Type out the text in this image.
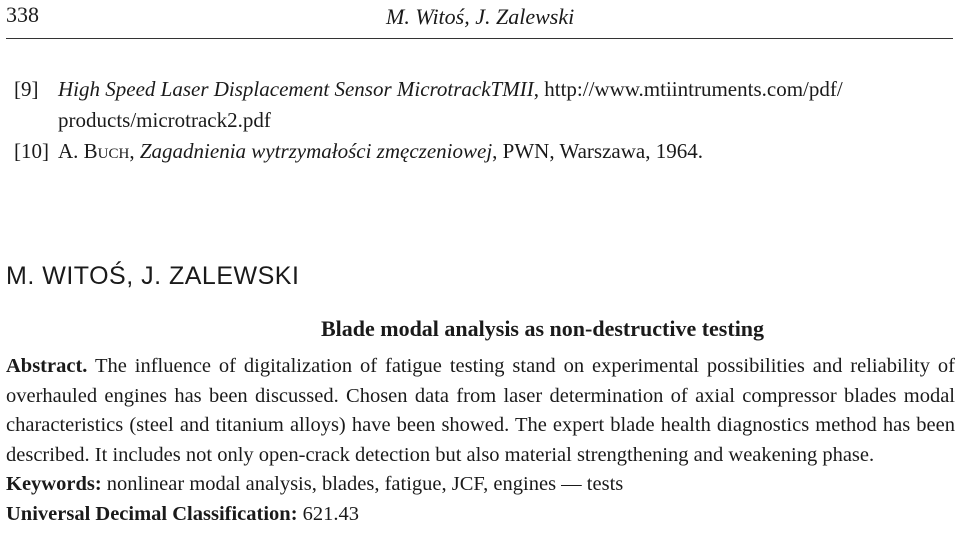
338	M. Witoś, J. Zalewski
[9] High Speed Laser Displacement Sensor MicrotrackTMII, http://www.mtiintruments.com/pdf/ products/microtrack2.pdf
[10] A. Buch, Zagadnienia wytrzymałości zmęczeniowej, PWN, Warszawa, 1964.
M. WITOŚ, J. ZALEWSKI
Blade modal analysis as non-destructive testing

Abstract. The influence of digitalization of fatigue testing stand on experimental possibilities and reliability of overhauled engines has been discussed. Chosen data from laser determination of axial compressor blades modal characteristics (steel and titanium alloys) have been showed. The expert blade health diagnostics method has been described. It includes not only open-crack detection but also material strengthening and weakening phase.

Keywords: nonlinear modal analysis, blades, fatigue, JCF, engines — tests

Universal Decimal Classification: 621.43
